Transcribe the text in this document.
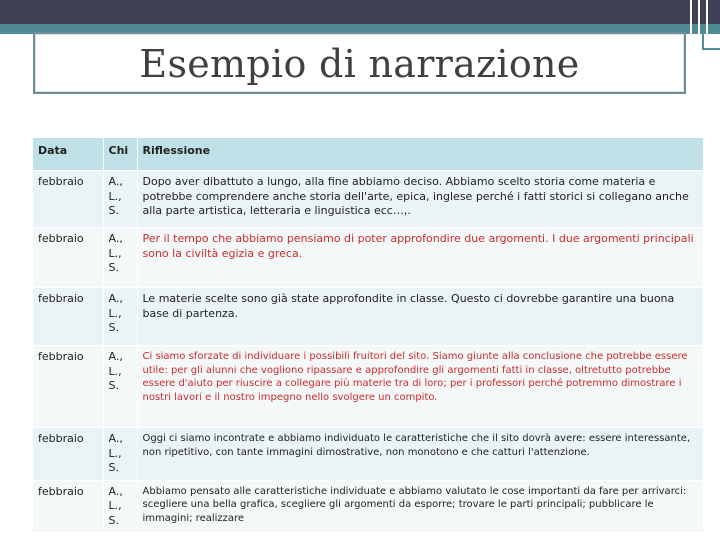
Esempio di narrazione
Data	Chi	Riflessione
febbraio	A., L., S.	Dopo aver dibattuto a lungo, alla fine abbiamo deciso. Abbiamo scelto storia come materia e potrebbe comprendere anche storia dell'arte, epica, inglese perché i fatti storici si collegano anche alla parte artistica, letteraria e linguistica ecc…,.
febbraio	A., L., S.	Per il tempo che abbiamo pensiamo di poter approfondire due argomenti. I due argomenti principali sono la civiltà egizia e greca.
febbraio	A., L., S.	Le materie scelte sono già state approfondite in classe. Questo ci dovrebbe garantire una buona base di partenza.
febbraio	A., L., S.	Ci siamo sforzate di individuare i possibili fruitori del sito. Siamo giunte alla conclusione che potrebbe essere utile: per gli alunni che vogliono ripassare e approfondire gli argomenti fatti in classe, oltretutto potrebbe essere d'aiuto per riuscire a collegare più materie tra di loro; per i professori perché potremmo dimostrare i nostri lavori e il nostro impegno nello svolgere un compito.
febbraio	A., L., S.	Oggi ci siamo incontrate e abbiamo individuato le caratteristiche che il sito dovrà avere: essere interessante, non ripetitivo, con tante immagini dimostrative, non monotono e che catturi l'attenzione.
febbraio	A., L., S.	Abbiamo pensato alle caratteristiche individuate e abbiamo valutato le cose importanti da fare per arrivarci: scegliere una bella grafica, scegliere gli argomenti da esporre; trovare le parti principali; pubblicare le immagini; realizzare
